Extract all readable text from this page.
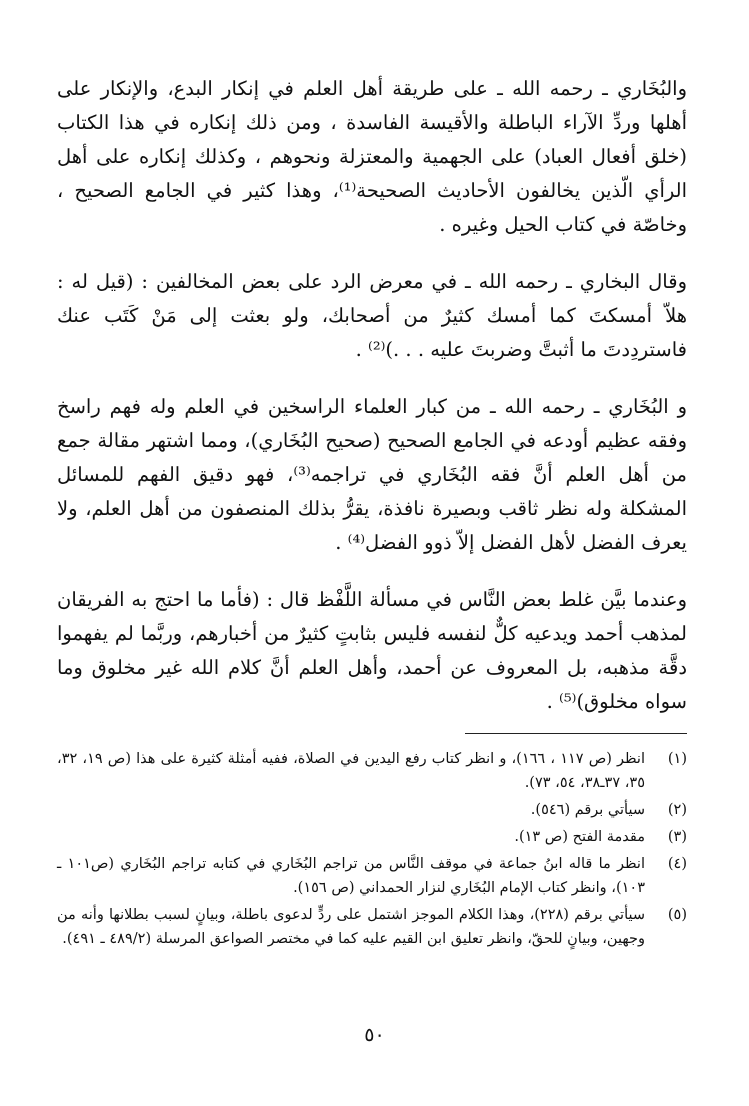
والبُخَاري ـ رحمه الله ـ على طريقة أهل العلم في إنكار البدع، والإنكار على أهلها وردِّ الآراء الباطلة والأقيسة الفاسدة ، ومن ذلك إنكاره في هذا الكتاب (خلق أفعال العباد) على الجهمية والمعتزلة ونحوهم ، وكذلك إنكاره على أهل الرأي الّذين يخالفون الأحاديث الصحيحة⁽¹⁾، وهذا كثير في الجامع الصحيح ، وخاصّة في كتاب الحيل وغيره .

وقال البخاري ـ رحمه الله ـ في معرض الرد على بعض المخالفين : (قيل له : هلاّ أمسكتَ كما أمسك كثيرٌ من أصحابك، ولو بعثت إلى مَنْ كَتَب عنك فاستردِدتَ ما أثبتَّ وضربتَ عليه . . .)⁽²⁾ .

و البُخَاري ـ رحمه الله ـ من كبار العلماء الراسخين في العلم وله فهم راسخ وفقه عظيم أودعه في الجامع الصحيح (صحيح البُخَاري)، ومما اشتهر مقالة جمع من أهل العلم أنَّ فقه البُخَاري في تراجمه⁽³⁾، فهو دقيق الفهم للمسائل المشكلة وله نظر ثاقب وبصيرة نافذة، يقرُّ بذلك المنصفون من أهل العلم، ولا يعرف الفضل لأهل الفضل إلاّ ذوو الفضل⁽⁴⁾ .

وعندما بيَّن غلط بعض النَّاس في مسألة اللَّفْظ قال : (فأما ما احتج به الفريقان لمذهب أحمد ويدعيه كلٌّ لنفسه فليس بثابتٍ كثيرٌ من أخبارهم، وربَّما لم يفهموا دقَّة مذهبه، بل المعروف عن أحمد، وأهل العلم أنَّ كلام الله غير مخلوق وما سواه مخلوق)⁽⁵⁾ .

(١)
انظر (ص ١١٧ ، ١٦٦)، و انظر كتاب رفع اليدين في الصلاة، ففيه أمثلة كثيرة على هذا (ص ١٩، ٣٢، ٣٥، ٣٧ـ٣٨، ٥٤، ٧٣).
(٢)
سيأتي برقم (٥٤٦).
(٣)
مقدمة الفتح (ص ١٣).
(٤)
انظر ما قاله ابنُ جماعة في موقف النَّاس من تراجم البُخَاري في كتابه تراجم البُخَاري (ص١٠١ ـ ١٠٣)، وانظر كتاب الإمام البُخَاري لنزار الحمداني (ص ١٥٦).
(٥)
سيأتي برقم (٢٢٨)، وهذا الكلام الموجز اشتمل على ردٍّ لدعوى باطلة، وبيانٍ لسبب بطلانها وأنه من وجهين، وبيانٍ للحقّ، وانظر تعليق ابن القيم عليه كما في مختصر الصواعق المرسلة (٤٨٩/٢ ـ ٤٩١).
٥٠
